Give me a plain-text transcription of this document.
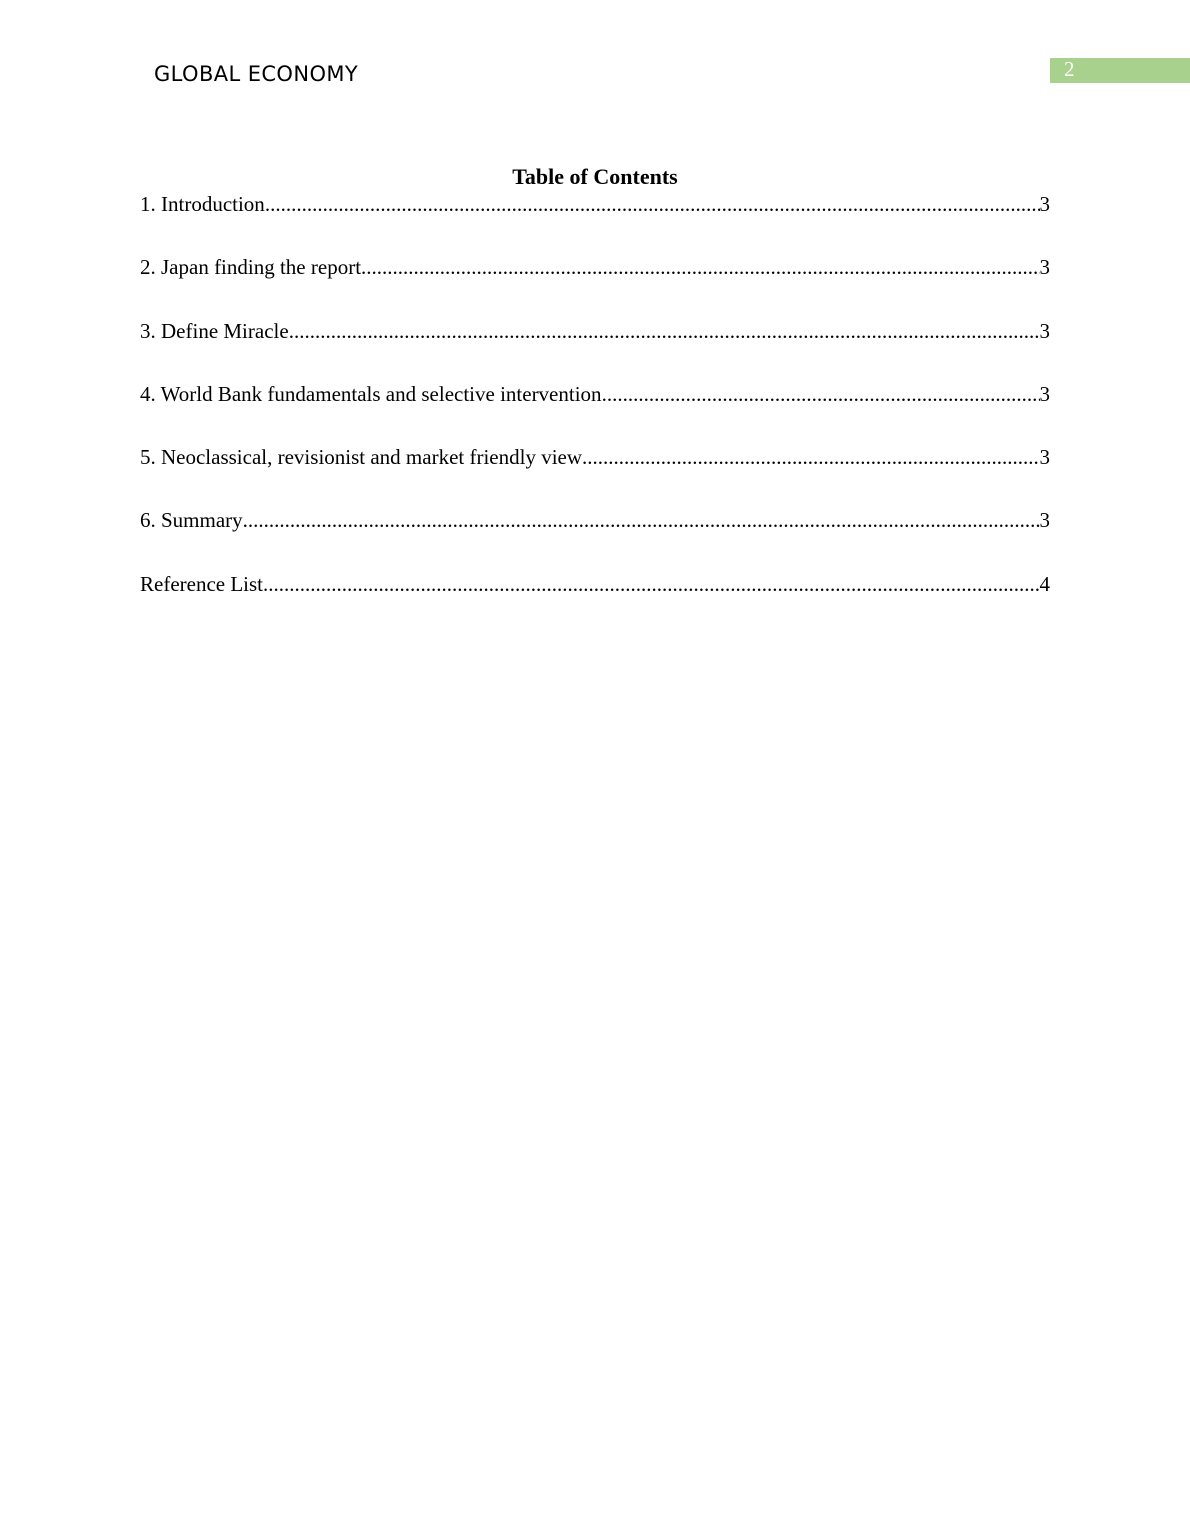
GLOBAL ECONOMY	2
Table of Contents
1. Introduction .....	3
2. Japan finding the report .....	3
3. Define Miracle .....	3
4. World Bank fundamentals and selective intervention .....	3
5. Neoclassical, revisionist and market friendly view .....	3
6. Summary .....	3
Reference List .....	4
